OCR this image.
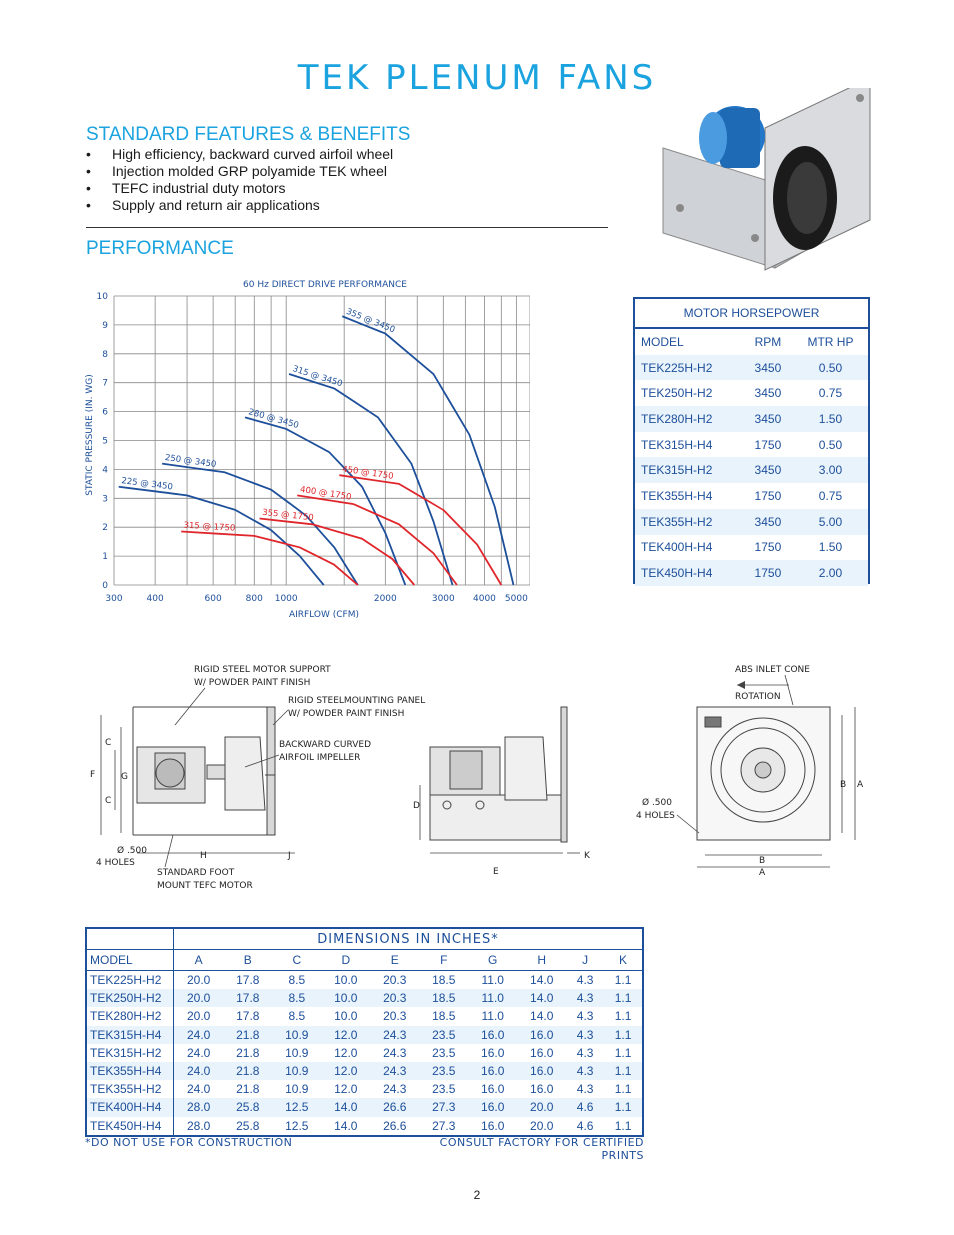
TEK PLENUM FANS
STANDARD FEATURES & BENEFITS
• High efficiency, backward curved airfoil wheel
• Injection molded GRP polyamide TEK wheel
• TEFC industrial duty motors
• Supply and return air applications
PERFORMANCE
225 @ 3450
250 @ 3450
280 @ 3450
315 @ 3450
355 @ 3450
315 @ 1750
355 @ 1750
400 @ 1750
450 @ 1750
300	400	600	800 1000	2000	3000 4000 5000
0
1
2
3
4
5
6
7
8
9
10
60 Hz DIRECT DRIVE PERFORMANCE
AIRFLOW (CFM)
STATIC PRESSURE (IN. WG)
MOTOR HORSEPOWER		
MODEL	RPM	MTR HP
TEK225H-H2	3450	0.50
TEK250H-H2	3450	0.75
TEK280H-H2	3450	1.50
TEK315H-H4	1750	0.50
TEK315H-H2	3450	3.00
TEK355H-H4	1750	0.75
TEK355H-H2	3450	5.00
TEK400H-H4	1750	1.50
TEK450H-H4	1750	2.00
C
F	G
C
H	J
RIGID STEEL MOTOR SUPPORT
W/ POWDER PAINT FINISH
RIGID STEELMOUNTING PANEL
W/ POWDER PAINT FINISH
BACKWARD CURVED
AIRFOIL IMPELLER
Ø .500
4 HOLES
STANDARD FOOT
MOUNT TEFC MOTOR
D
E
K
ABS INLET CONE
ROTATION
Ø .500
4 HOLES
B A
B
A
	DIMENSIONS IN INCHES*									
MODEL	A	B	C	D	E	F	G	H	J	K
TEK225H-H2	20.0	17.8	8.5	10.0	20.3	18.5	11.0	14.0	4.3	1.1
TEK250H-H2	20.0	17.8	8.5	10.0	20.3	18.5	11.0	14.0	4.3	1.1
TEK280H-H2	20.0	17.8	8.5	10.0	20.3	18.5	11.0	14.0	4.3	1.1
TEK315H-H4	24.0	21.8	10.9	12.0	24.3	23.5	16.0	16.0	4.3	1.1
TEK315H-H2	24.0	21.8	10.9	12.0	24.3	23.5	16.0	16.0	4.3	1.1
TEK355H-H4	24.0	21.8	10.9	12.0	24.3	23.5	16.0	16.0	4.3	1.1
TEK355H-H2	24.0	21.8	10.9	12.0	24.3	23.5	16.0	16.0	4.3	1.1
TEK400H-H4	28.0	25.8	12.5	14.0	26.6	27.3	16.0	20.0	4.6	1.1
TEK450H-H4	28.0	25.8	12.5	14.0	26.6	27.3	16.0	20.0	4.6	1.1
*DO NOT USE FOR CONSTRUCTION	CONSULT FACTORY FOR CERTIFIED PRINTS
2
